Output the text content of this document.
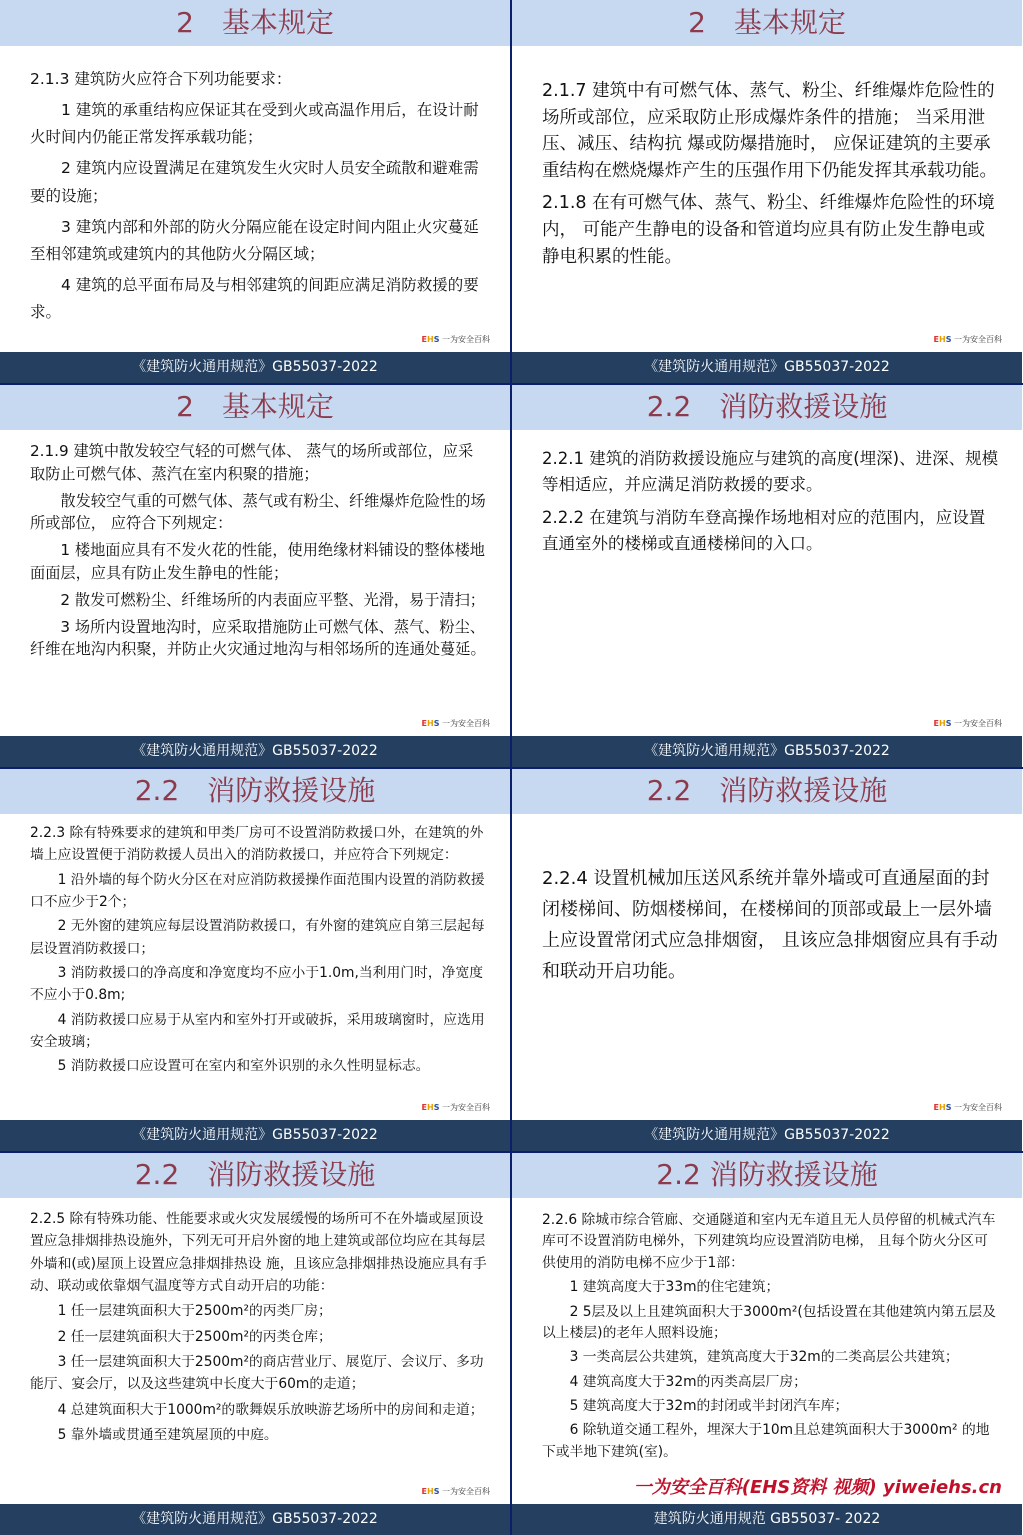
2　基本规定

2.1.3 建筑防火应符合下列功能要求：

1 建筑的承重结构应保证其在受到火或高温作用后，在设计耐火时间内仍能正常发挥承载功能；

2 建筑内应设置满足在建筑发生火灾时人员安全疏散和避难需要的设施；

3 建筑内部和外部的防火分隔应能在设定时间内阻止火灾蔓延至相邻建筑或建筑内的其他防火分隔区域；

4 建筑的总平面布局及与相邻建筑的间距应满足消防救援的要求。

EHS 一为安全百科
《建筑防火通用规范》GB55037-2022
2　基本规定

2.1.7 建筑中有可燃气体、蒸气、粉尘、纤维爆炸危险性的场所或部位，应采取防止形成爆炸条件的措施； 当采用泄压、减压、结构抗 爆或防爆措施时， 应保证建筑的主要承重结构在燃烧爆炸产生的压强作用下仍能发挥其承载功能。

2.1.8 在有可燃气体、蒸气、粉尘、纤维爆炸危险性的环境内， 可能产生静电的设备和管道均应具有防止发生静电或静电积累的性能。

EHS 一为安全百科
《建筑防火通用规范》GB55037-2022
2　基本规定

2.1.9 建筑中散发较空气轻的可燃气体、 蒸气的场所或部位，应采取防止可燃气体、蒸汽在室内积聚的措施；

散发较空气重的可燃气体、蒸气或有粉尘、纤维爆炸危险性的场所或部位， 应符合下列规定：

1 楼地面应具有不发火花的性能，使用绝缘材料铺设的整体楼地面面层，应具有防止发生静电的性能；

2 散发可燃粉尘、纤维场所的内表面应平整、光滑，易于清扫；

3 场所内设置地沟时，应采取措施防止可燃气体、蒸气、粉尘、纤维在地沟内积聚，并防止火灾通过地沟与相邻场所的连通处蔓延。

EHS 一为安全百科
《建筑防火通用规范》GB55037-2022
2.2　消防救援设施

2.2.1 建筑的消防救援设施应与建筑的高度(埋深)、进深、规模等相适应，并应满足消防救援的要求。

2.2.2 在建筑与消防车登高操作场地相对应的范围内，应设置直通室外的楼梯或直通楼梯间的入口。

EHS 一为安全百科
《建筑防火通用规范》GB55037-2022
2.2　消防救援设施

2.2.3 除有特殊要求的建筑和甲类厂房可不设置消防救援口外，在建筑的外墙上应设置便于消防救援人员出入的消防救援口，并应符合下列规定：

1 沿外墙的每个防火分区在对应消防救援操作面范围内设置的消防救援口不应少于2个；

2 无外窗的建筑应每层设置消防救援口，有外窗的建筑应自第三层起每层设置消防救援口；

3 消防救援口的净高度和净宽度均不应小于1.0m,当利用门时，净宽度不应小于0.8m;

4 消防救援口应易于从室内和室外打开或破拆，采用玻璃窗时，应选用安全玻璃；

5 消防救援口应设置可在室内和室外识别的永久性明显标志。

EHS 一为安全百科
《建筑防火通用规范》GB55037-2022
2.2　消防救援设施

2.2.4 设置机械加压送风系统并靠外墙或可直通屋面的封闭楼梯间、防烟楼梯间，在楼梯间的顶部或最上一层外墙上应设置常闭式应急排烟窗， 且该应急排烟窗应具有手动和联动开启功能。

EHS 一为安全百科
《建筑防火通用规范》GB55037-2022
2.2　消防救援设施

2.2.5 除有特殊功能、性能要求或火灾发展缓慢的场所可不在外墙或屋顶设置应急排烟排热设施外，下列无可开启外窗的地上建筑或部位均应在其每层外墙和(或)屋顶上设置应急排烟排热设 施，且该应急排烟排热设施应具有手动、联动或依靠烟气温度等方式自动开启的功能：

1 任一层建筑面积大于2500m²的丙类厂房；

2 任一层建筑面积大于2500m²的丙类仓库；

3 任一层建筑面积大于2500m²的商店营业厅、展览厅、会议厅、多功能厅、宴会厅，以及这些建筑中长度大于60m的走道；

4 总建筑面积大于1000m²的歌舞娱乐放映游艺场所中的房间和走道；

5 靠外墙或贯通至建筑屋顶的中庭。

EHS 一为安全百科
《建筑防火通用规范》GB55037-2022
2.2 消防救援设施

2.2.6 除城市综合管廊、交通隧道和室内无车道且无人员停留的机械式汽车库可不设置消防电梯外，下列建筑均应设置消防电梯， 且每个防火分区可供使用的消防电梯不应少于1部：

1 建筑高度大于33m的住宅建筑；

2 5层及以上且建筑面积大于3000m²(包括设置在其他建筑内第五层及以上楼层)的老年人照料设施；

3 一类高层公共建筑，建筑高度大于32m的二类高层公共建筑；

4 建筑高度大于32m的丙类高层厂房；

5 建筑高度大于32m的封闭或半封闭汽车库；

6 除轨道交通工程外，埋深大于10m且总建筑面积大于3000m² 的地下或半地下建筑(室)。

一为安全百科(EHS资料 视频) yiweiehs.cn
建筑防火通用规范 GB55037- 2022
